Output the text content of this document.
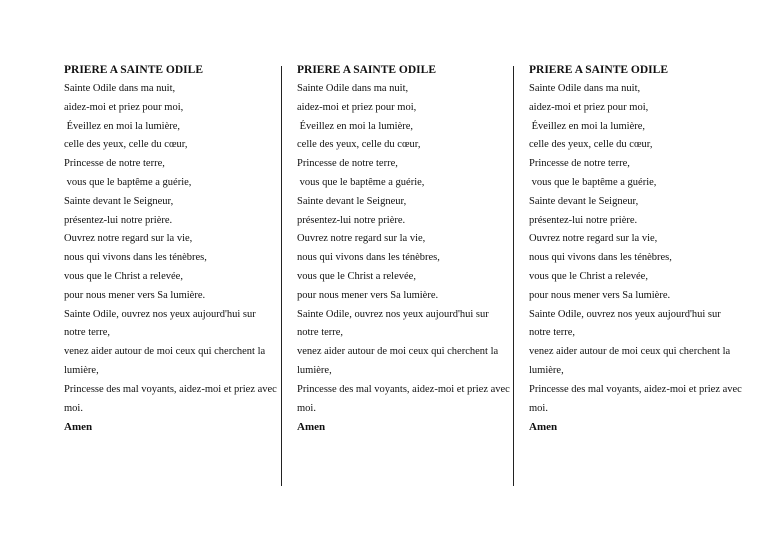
PRIERE A SAINTE ODILE
Sainte Odile dans ma nuit,
aidez-moi et priez pour moi,
Éveillez en moi la lumière,
celle des yeux, celle du cœur,
Princesse de notre terre,
vous que le baptême a guérie,
Sainte devant le Seigneur,
présentez-lui notre prière.
Ouvrez notre regard sur la vie,
nous qui vivons dans les ténèbres,
vous que le Christ a relevée,
pour nous mener vers Sa lumière.
Sainte Odile, ouvrez nos yeux aujourd'hui sur notre terre,
venez aider autour de moi ceux qui cherchent la lumière,
Princesse des mal voyants, aidez-moi et priez avec moi.
Amen
PRIERE A SAINTE ODILE
Sainte Odile dans ma nuit,
aidez-moi et priez pour moi,
Éveillez en moi la lumière,
celle des yeux, celle du cœur,
Princesse de notre terre,
vous que le baptême a guérie,
Sainte devant le Seigneur,
présentez-lui notre prière.
Ouvrez notre regard sur la vie,
nous qui vivons dans les ténèbres,
vous que le Christ a relevée,
pour nous mener vers Sa lumière.
Sainte Odile, ouvrez nos yeux aujourd'hui sur notre terre,
venez aider autour de moi ceux qui cherchent la lumière,
Princesse des mal voyants, aidez-moi et priez avec moi.
Amen
PRIERE A SAINTE ODILE
Sainte Odile dans ma nuit,
aidez-moi et priez pour moi,
Éveillez en moi la lumière,
celle des yeux, celle du cœur,
Princesse de notre terre,
vous que le baptême a guérie,
Sainte devant le Seigneur,
présentez-lui notre prière.
Ouvrez notre regard sur la vie,
nous qui vivons dans les ténèbres,
vous que le Christ a relevée,
pour nous mener vers Sa lumière.
Sainte Odile, ouvrez nos yeux aujourd'hui sur notre terre,
venez aider autour de moi ceux qui cherchent la lumière,
Princesse des mal voyants, aidez-moi et priez avec moi.
Amen
